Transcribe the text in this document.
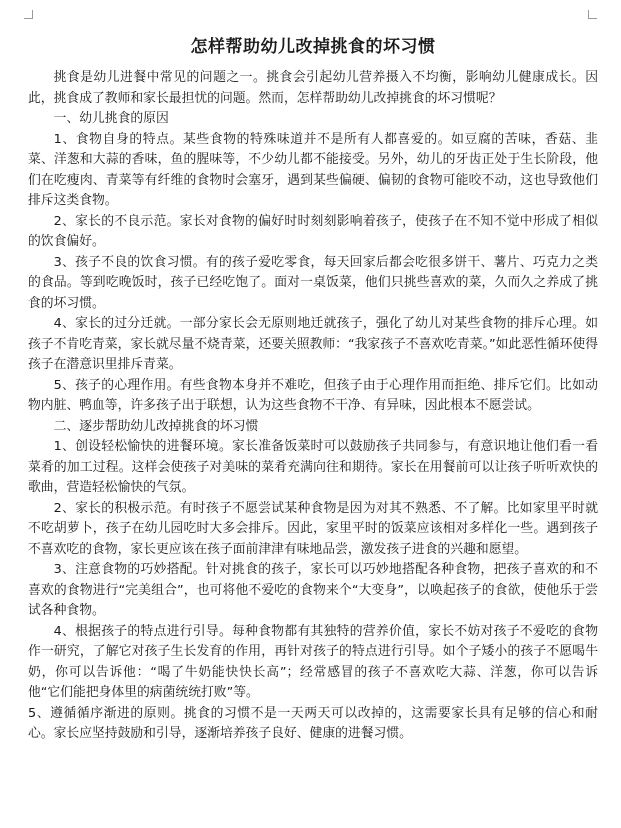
怎样帮助幼儿改掉挑食的坏习惯

挑食是幼儿进餐中常见的问题之一。挑食会引起幼儿营养摄入不均衡，影响幼儿健康成长。因此，挑食成了教师和家长最担忧的问题。然而，怎样帮助幼儿改掉挑食的坏习惯呢？

一、幼儿挑食的原因

1、食物自身的特点。某些食物的特殊味道并不是所有人都喜爱的。如豆腐的苦味，香菇、韭菜、洋葱和大蒜的香味，鱼的腥味等，不少幼儿都不能接受。另外，幼儿的牙齿正处于生长阶段，他们在吃瘦肉、青菜等有纤维的食物时会塞牙，遇到某些偏硬、偏韧的食物可能咬不动，这也导致他们排斥这类食物。

2、家长的不良示范。家长对食物的偏好时时刻刻影响着孩子，使孩子在不知不觉中形成了相似的饮食偏好。

3、孩子不良的饮食习惯。有的孩子爱吃零食，每天回家后都会吃很多饼干、薯片、巧克力之类的食品。等到吃晚饭时，孩子已经吃饱了。面对一桌饭菜，他们只挑些喜欢的菜，久而久之养成了挑食的坏习惯。

4、家长的过分迁就。一部分家长会无原则地迁就孩子，强化了幼儿对某些食物的排斥心理。如孩子不肯吃青菜，家长就尽量不烧青菜，还要关照教师：“我家孩子不喜欢吃青菜。”如此恶性循环使得孩子在潜意识里排斥青菜。

5、孩子的心理作用。有些食物本身并不难吃，但孩子由于心理作用而拒绝、排斥它们。比如动物内脏、鸭血等，许多孩子出于联想，认为这些食物不干净、有异味，因此根本不愿尝试。

二、逐步帮助幼儿改掉挑食的坏习惯

1、创设轻松愉快的进餐环境。家长准备饭菜时可以鼓励孩子共同参与，有意识地让他们看一看菜肴的加工过程。这样会使孩子对美味的菜肴充满向往和期待。家长在用餐前可以让孩子听听欢快的歌曲，营造轻松愉快的气氛。

2、家长的积极示范。有时孩子不愿尝试某种食物是因为对其不熟悉、不了解。比如家里平时就不吃胡萝卜，孩子在幼儿园吃时大多会排斥。因此，家里平时的饭菜应该相对多样化一些。遇到孩子不喜欢吃的食物，家长更应该在孩子面前津津有味地品尝，激发孩子进食的兴趣和愿望。

3、注意食物的巧妙搭配。针对挑食的孩子，家长可以巧妙地搭配各种食物，把孩子喜欢的和不喜欢的食物进行“完美组合”，也可将他不爱吃的食物来个“大变身”，以唤起孩子的食欲，使他乐于尝试各种食物。

4、根据孩子的特点进行引导。每种食物都有其独特的营养价值，家长不妨对孩子不爱吃的食物作一研究，了解它对孩子生长发育的作用，再针对孩子的特点进行引导。如个子矮小的孩子不愿喝牛奶，你可以告诉他：“喝了牛奶能快快长高”；经常感冒的孩子不喜欢吃大蒜、洋葱，你可以告诉他“它们能把身体里的病菌统统打败”等。

5、遵循循序渐进的原则。挑食的习惯不是一天两天可以改掉的，这需要家长具有足够的信心和耐心。家长应坚持鼓励和引导，逐渐培养孩子良好、健康的进餐习惯。
